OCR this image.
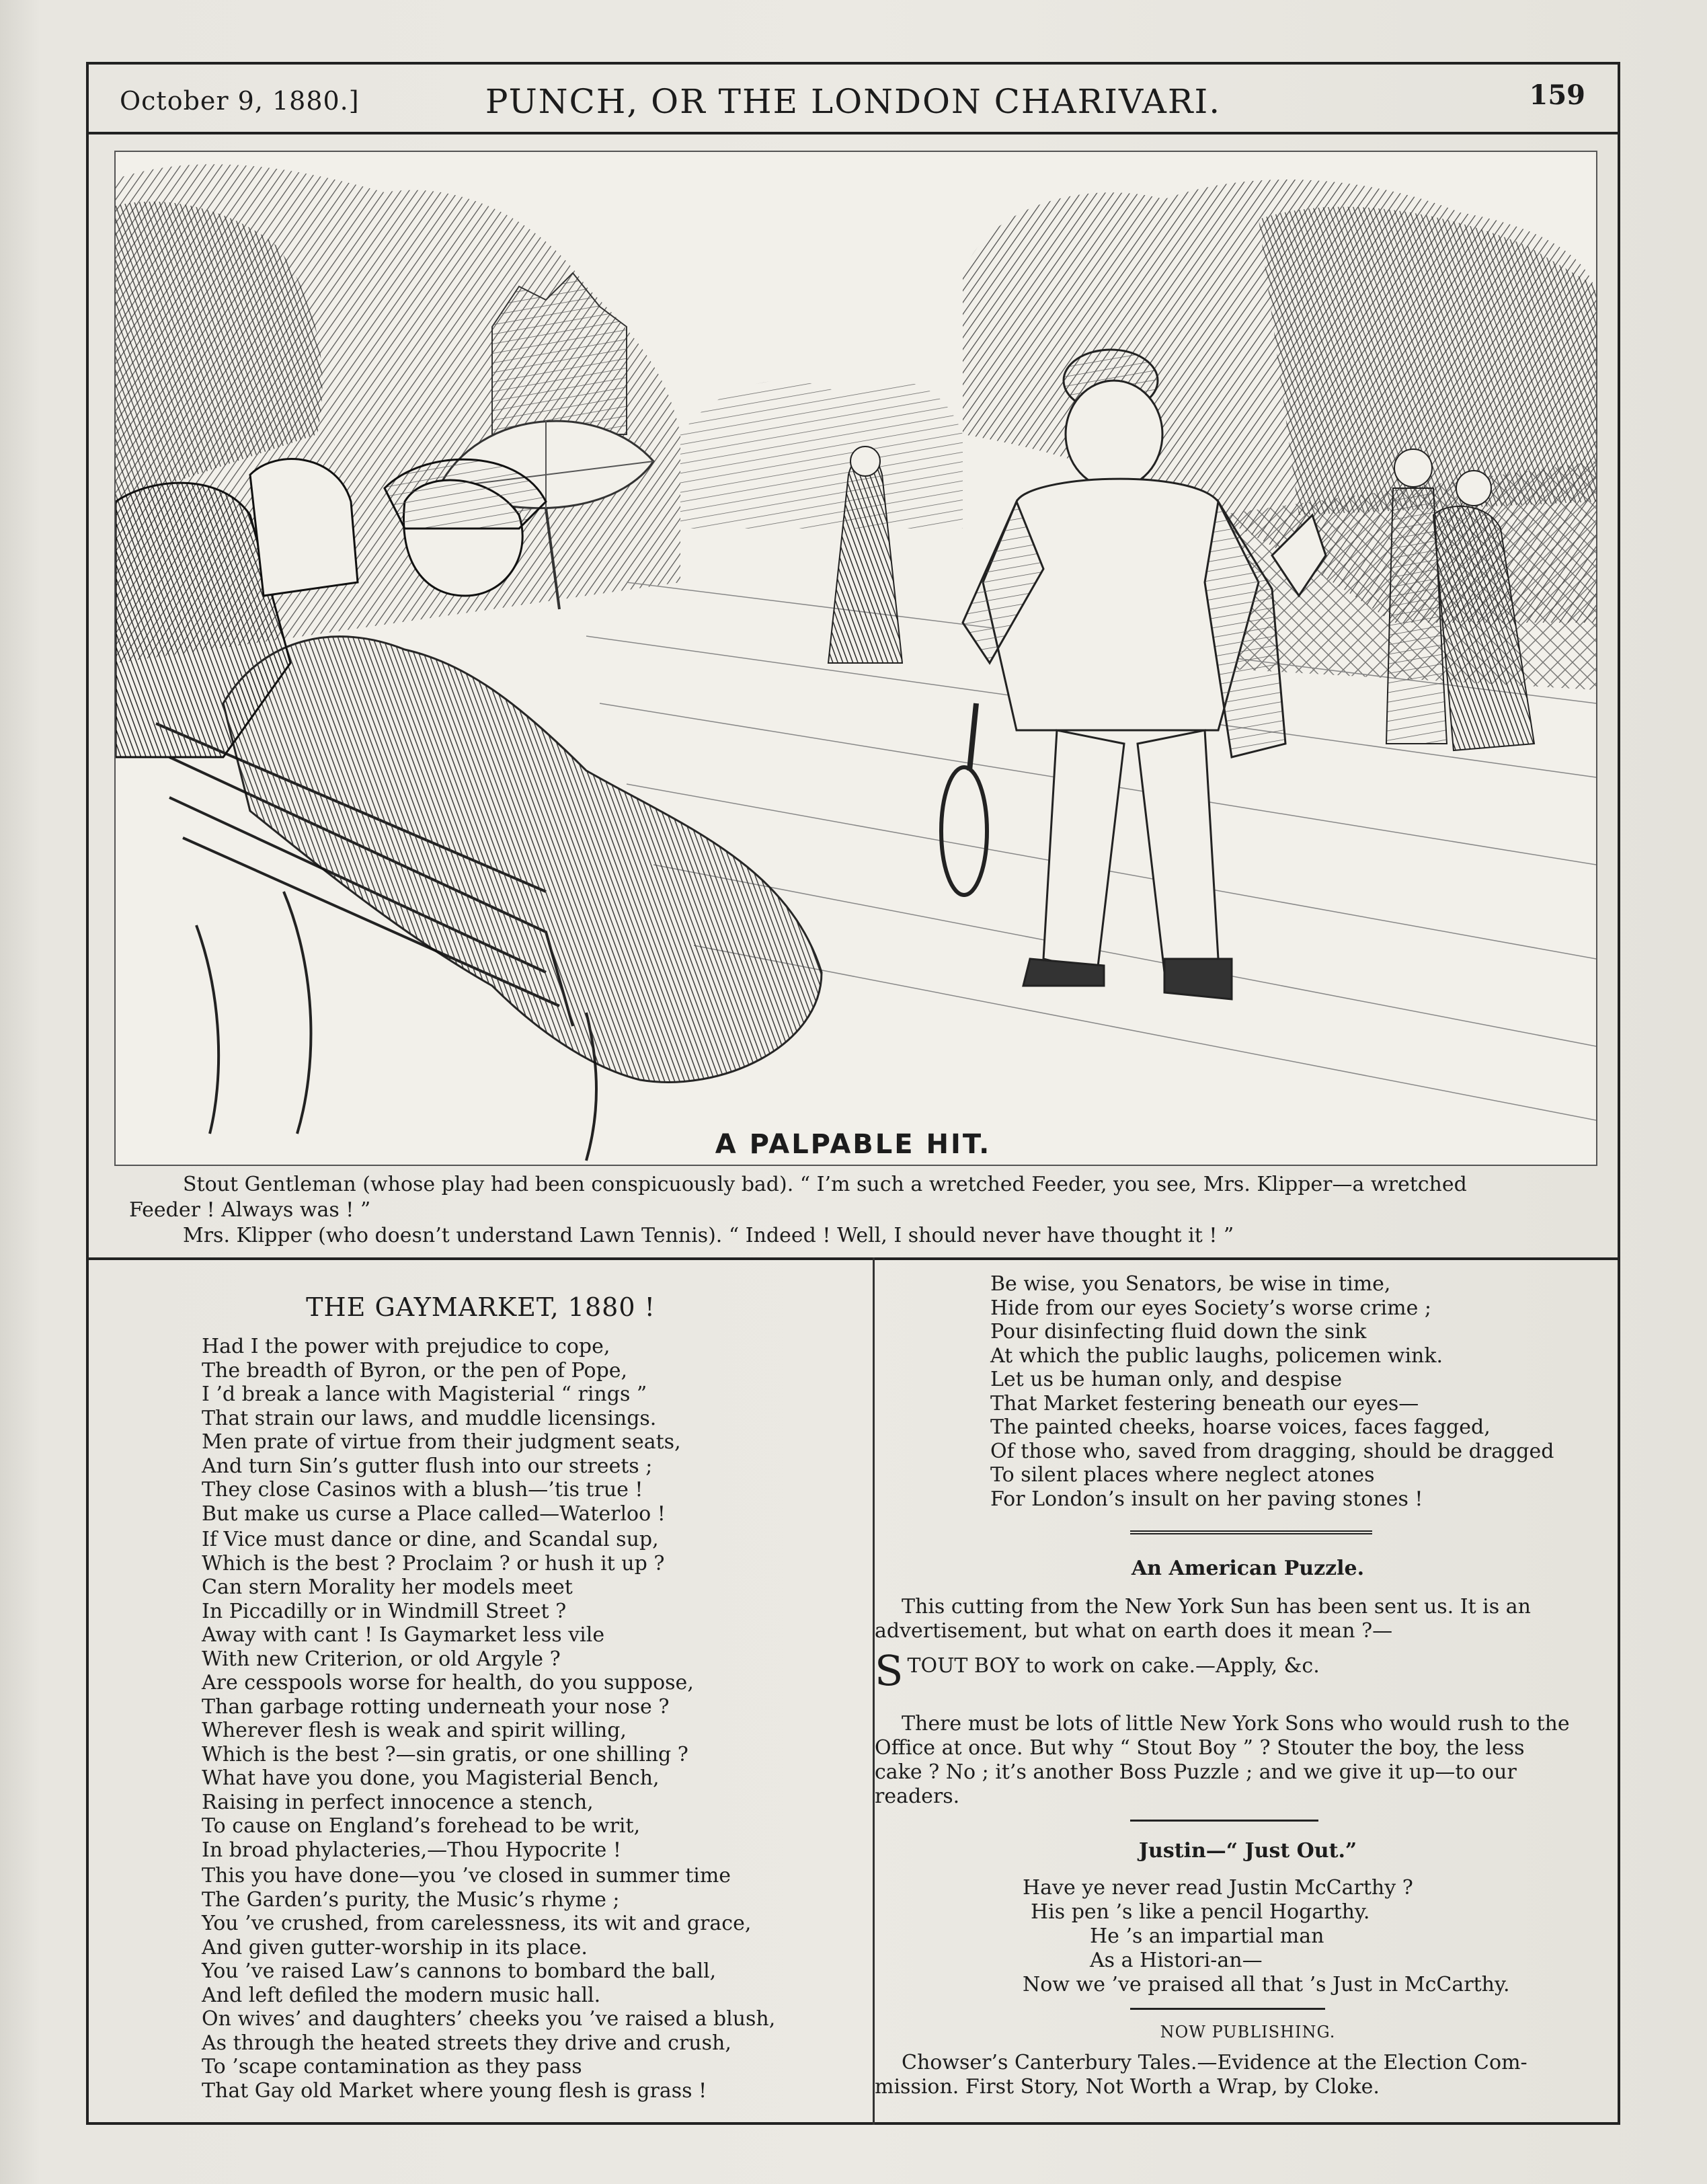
October 9, 1880.]	PUNCH, OR THE LONDON CHARIVARI.	159
A PALPABLE HIT.
Stout Gentleman (whose play had been conspicuously bad). “ I’m such a wretched Feeder, you see, Mrs. Klipper—a wretched
Feeder ! Always was ! ”
Mrs. Klipper (who doesn’t understand Lawn Tennis). “ Indeed ! Well, I should never have thought it ! ”
THE GAYMARKET, 1880 !
Had I the power with prejudice to cope,
The breadth of Byron, or the pen of Pope,
I ’d break a lance with Magisterial “ rings ”
That strain our laws, and muddle licensings.
Men prate of virtue from their judgment seats,
And turn Sin’s gutter flush into our streets ;
They close Casinos with a blush—’tis true !
But make us curse a Place called—Waterloo !
If Vice must dance or dine, and Scandal sup,
Which is the best ? Proclaim ? or hush it up ?
Can stern Morality her models meet
In Piccadilly or in Windmill Street ?
Away with cant ! Is Gaymarket less vile
With new Criterion, or old Argyle ?
Are cesspools worse for health, do you suppose,
Than garbage rotting underneath your nose ?
Wherever flesh is weak and spirit willing,
Which is the best ?—sin gratis, or one shilling ?
What have you done, you Magisterial Bench,
Raising in perfect innocence a stench,
To cause on England’s forehead to be writ,
In broad phylacteries,—Thou Hypocrite !
This you have done—you ’ve closed in summer time
The Garden’s purity, the Music’s rhyme ;
You ’ve crushed, from carelessness, its wit and grace,
And given gutter-worship in its place.
You ’ve raised Law’s cannons to bombard the ball,
And left defiled the modern music hall.
On wives’ and daughters’ cheeks you ’ve raised a blush,
As through the heated streets they drive and crush,
To ’scape contamination as they pass
That Gay old Market where young flesh is grass !
Be wise, you Senators, be wise in time,
Hide from our eyes Society’s worse crime ;
Pour disinfecting fluid down the sink
At which the public laughs, policemen wink.
Let us be human only, and despise
That Market festering beneath our eyes—
The painted cheeks, hoarse voices, faces fagged,
Of those who, saved from dragging, should be dragged
To silent places where neglect atones
For London’s insult on her paving stones !
An American Puzzle.
This cutting from the New York Sun has been sent us. It is an
advertisement, but what on earth does it mean ?—
STOUT BOY to work on cake.—Apply, &c.
There must be lots of little New York Sons who would rush to the
Office at once. But why “ Stout Boy ” ? Stouter the boy, the less
cake ? No ; it’s another Boss Puzzle ; and we give it up—to our
readers.
Justin—“ Just Out.”
Have ye never read Justin McCarthy ?
His pen ’s like a pencil Hogarthy.
He ’s an impartial man
As a Histori-an—
Now we ’ve praised all that ’s Just in McCarthy.
NOW PUBLISHING.
Chowser’s Canterbury Tales.—Evidence at the Election Com-
mission. First Story, Not Worth a Wrap, by Cloke.
